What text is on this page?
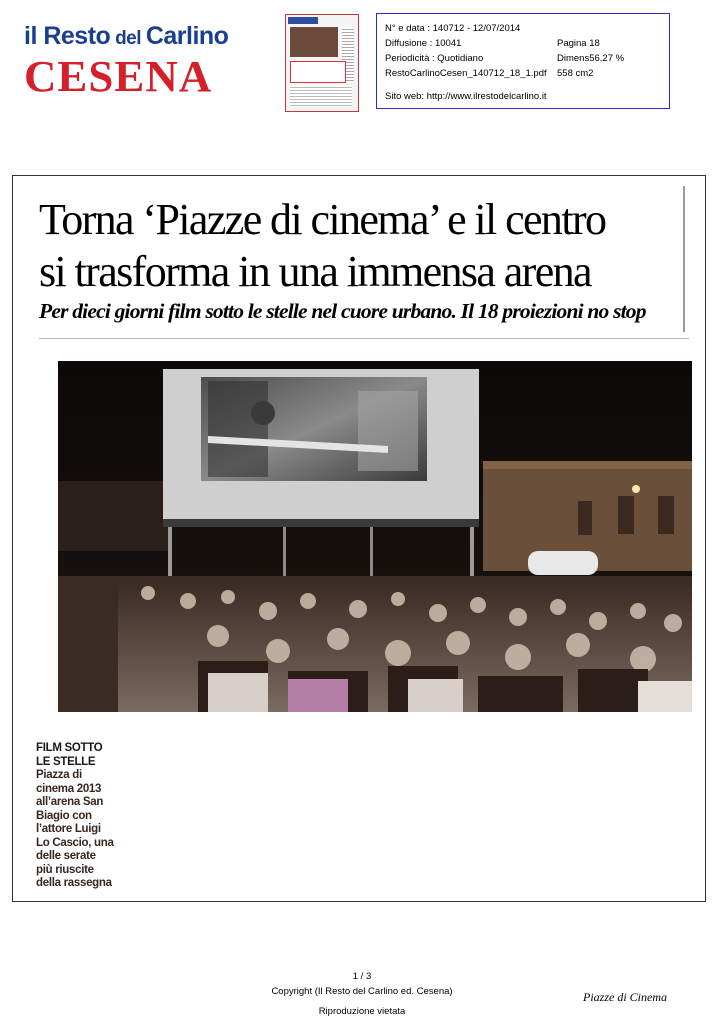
il Resto del Carlino
CESENA
N° e data : 140712 - 12/07/2014
Diffusione : 10041	Pagina 18
Periodicità : Quotidiano	Dimens56.27 %
RestoCarlinoCesen_140712_18_1.pdf	558 cm2
Sito web: http://www.ilrestodelcarlino.it
Torna ‘Piazze di cinema’ e il centro
si trasforma in una immensa arena

Per dieci giorni film sotto le stelle nel cuore urbano. Il 18 proiezioni no stop

FILM SOTTO
LE STELLE
Piazza di
cinema 2013
all’arena San
Biagio con
l’attore Luigi
Lo Cascio, una
delle serate
più riuscite
della rassegna
1 / 3
Copyright (Il Resto del Carlino ed. Cesena)
Riproduzione vietata
Piazze di Cinema
